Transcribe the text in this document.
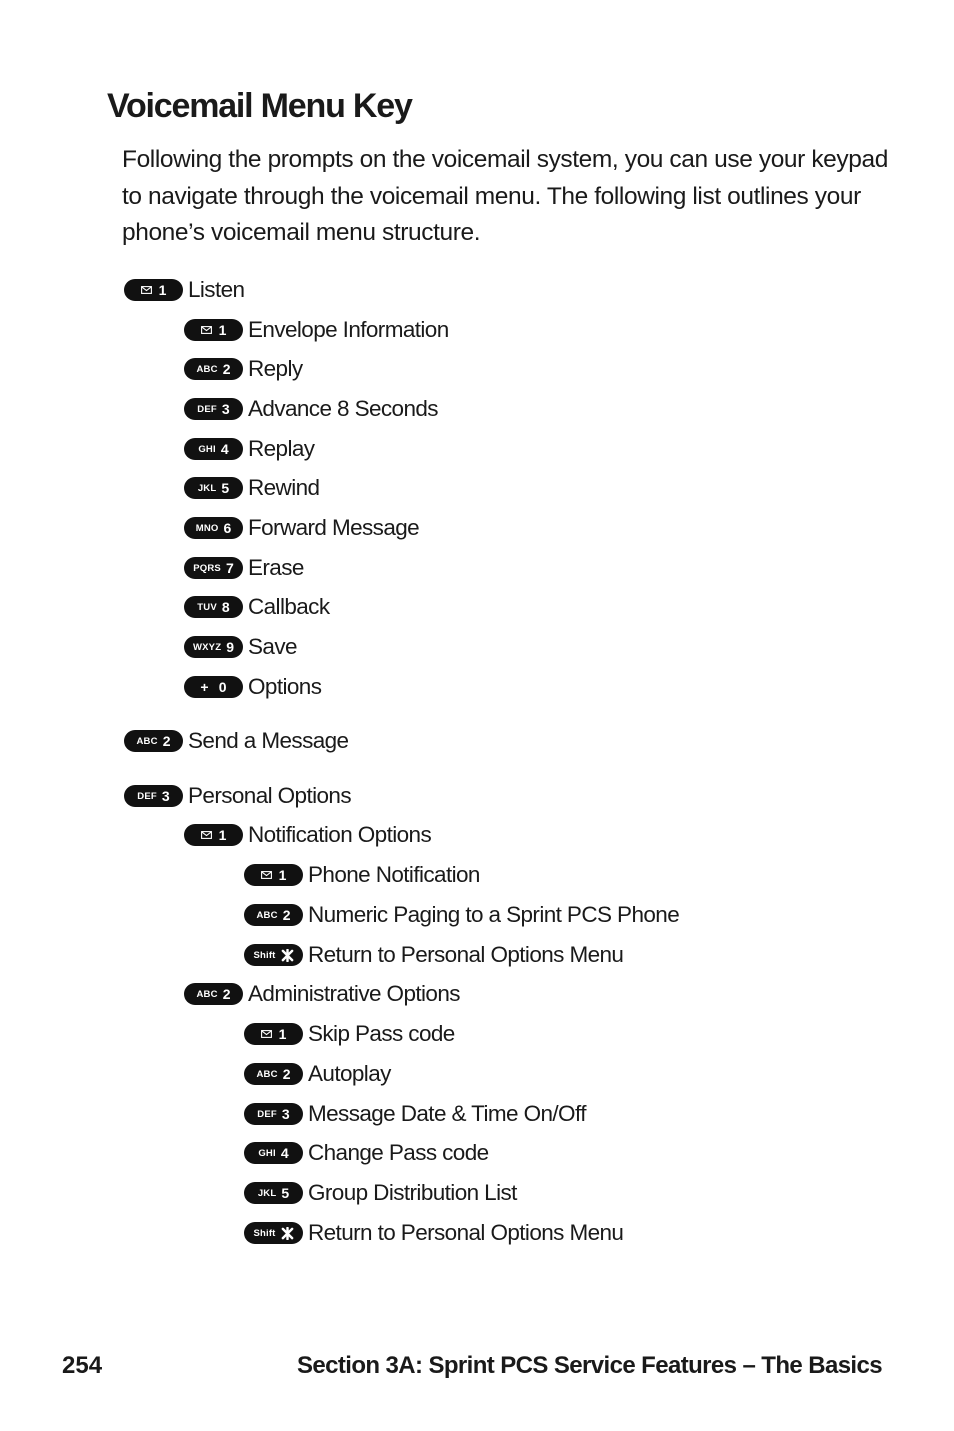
Voicemail Menu Key

Following the prompts on the voicemail system, you can use your keypad to navigate through the voicemail menu. The following list outlines your phone’s voicemail menu structure.

1 Listen
1 Envelope Information
ABC 2 Reply
DEF 3 Advance 8 Seconds
GHI 4 Replay
JKL 5 Rewind
MNO 6 Forward Message
PQRS 7 Erase
TUV 8 Callback
WXYZ 9 Save
+ 0 Options
ABC 2 Send a Message
DEF 3 Personal Options
1 Notification Options
1 Phone Notification
ABC 2 Numeric Paging to a Sprint PCS Phone
Shift Return to Personal Options Menu
ABC 2 Administrative Options
1 Skip Pass code
ABC 2 Autoplay
DEF 3 Message Date & Time On/Off
GHI 4 Change Pass code
JKL 5 Group Distribution List
Shift Return to Personal Options Menu
254	Section 3A: Sprint PCS Service Features – The Basics
